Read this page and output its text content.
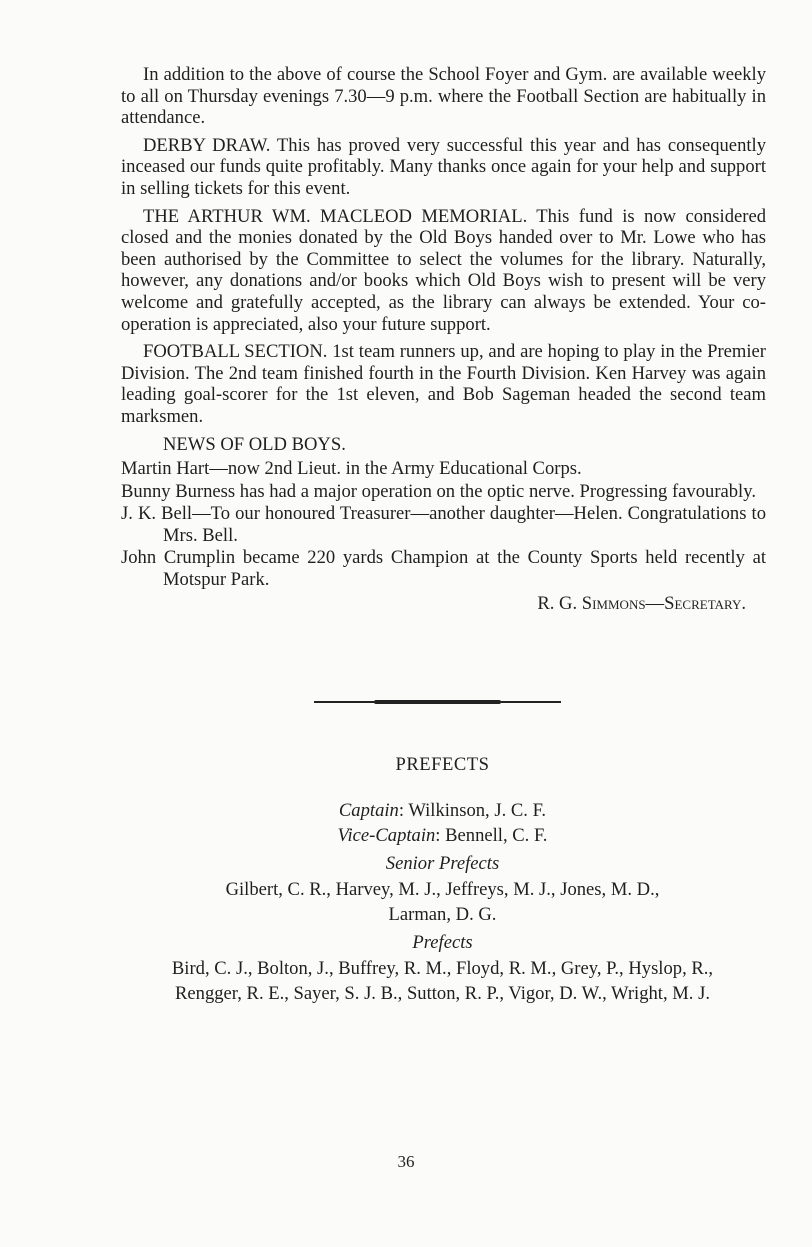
In addition to the above of course the School Foyer and Gym. are available weekly to all on Thursday evenings 7.30—9 p.m. where the Football Section are habitually in attendance.

DERBY DRAW. This has proved very successful this year and has consequently inceased our funds quite profitably. Many thanks once again for your help and support in selling tickets for this event.

THE ARTHUR WM. MACLEOD MEMORIAL. This fund is now considered closed and the monies donated by the Old Boys handed over to Mr. Lowe who has been authorised by the Committee to select the volumes for the library. Naturally, however, any donations and/or books which Old Boys wish to present will be very welcome and gratefully accepted, as the library can always be extended. Your co-operation is appreciated, also your future support.

FOOTBALL SECTION. 1st team runners up, and are hoping to play in the Premier Division. The 2nd team finished fourth in the Fourth Division. Ken Harvey was again leading goal-scorer for the 1st eleven, and Bob Sageman headed the second team marksmen.

NEWS OF OLD BOYS.

Martin Hart—now 2nd Lieut. in the Army Educational Corps.

Bunny Burness has had a major operation on the optic nerve. Progressing favourably.

J. K. Bell—To our honoured Treasurer—another daughter—Helen. Congratulations to Mrs. Bell.

John Crumplin became 220 yards Champion at the County Sports held recently at Motspur Park.

R. G. Simmons—Secretary.
PREFECTS
Captain: Wilkinson, J. C. F.
Vice-Captain: Bennell, C. F.
Senior Prefects
Gilbert, C. R., Harvey, M. J., Jeffreys, M. J., Jones, M. D.,
Larman, D. G.
Prefects
Bird, C. J., Bolton, J., Buffrey, R. M., Floyd, R. M., Grey, P., Hyslop, R.,
Rengger, R. E., Sayer, S. J. B., Sutton, R. P., Vigor, D. W., Wright, M. J.
36
